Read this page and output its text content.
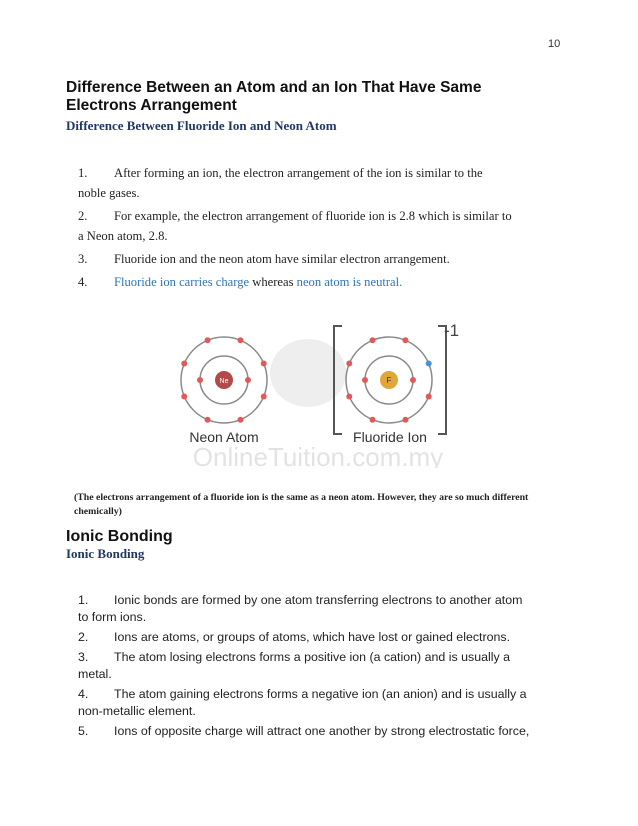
10
Difference Between an Atom and an Ion That Have Same
Electrons Arrangement
Difference Between Fluoride Ion and Neon Atom
1. After forming an ion, the electron arrangement of the ion is similar to the
noble gases.
2. For example, the electron arrangement of fluoride ion is 2.8 which is similar to
a Neon atom, 2.8.
3. Fluoride ion and the neon atom have similar electron arrangement.
4. Fluoride ion carries charge whereas neon atom is neutral.
OnlineTuition.com.my
Ne
-1
F
Neon Atom	Fluoride Ion
(The electrons arrangement of a fluoride ion is the same as a neon atom. However, they are so much different chemically)
Ionic Bonding
Ionic Bonding
1. Ionic bonds are formed by one atom transferring electrons to another atom
to form ions.
2. Ions are atoms, or groups of atoms, which have lost or gained electrons.
3. The atom losing electrons forms a positive ion (a cation) and is usually a
metal.
4. The atom gaining electrons forms a negative ion (an anion) and is usually a
non-metallic element.
5. Ions of opposite charge will attract one another by strong electrostatic force,
